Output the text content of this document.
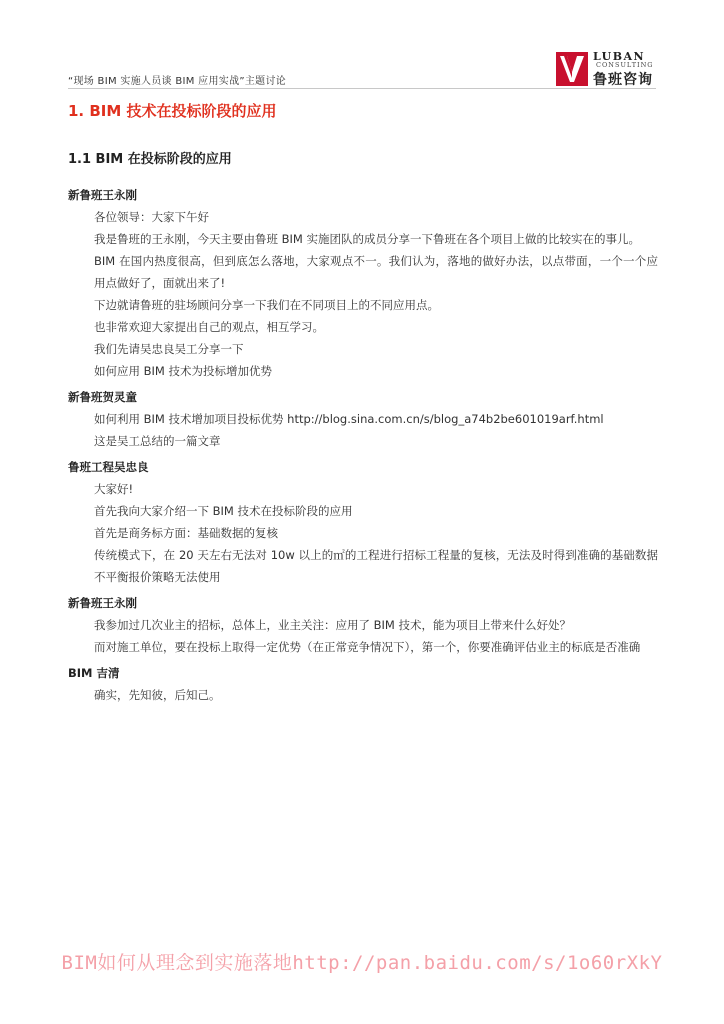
“现场 BIM 实施人员谈 BIM 应用实战”主题讨论
LUBAN
CONSULTING
鲁班咨询
1. BIM 技术在投标阶段的应用
1.1 BIM 在投标阶段的应用
新鲁班王永刚

各位领导：大家下午好

我是鲁班的王永刚，今天主要由鲁班 BIM 实施团队的成员分享一下鲁班在各个项目上做的比较实在的事儿。

BIM 在国内热度很高，但到底怎么落地，大家观点不一。我们认为，落地的做好办法，以点带面，一个一个应用点做好了，面就出来了!

下边就请鲁班的驻场顾问分享一下我们在不同项目上的不同应用点。

也非常欢迎大家提出自己的观点，相互学习。

我们先请吴忠良吴工分享一下

如何应用 BIM 技术为投标增加优势

新鲁班贺灵童

如何利用 BIM 技术增加项目投标优势 http://blog.sina.com.cn/s/blog_a74b2be601019arf.html

这是吴工总结的一篇文章

鲁班工程吴忠良

大家好!

首先我向大家介绍一下 BIM 技术在投标阶段的应用

首先是商务标方面：基础数据的复核

传统模式下，在 20 天左右无法对 10w 以上的㎡的工程进行招标工程量的复核，无法及时得到准确的基础数据不平衡报价策略无法使用

新鲁班王永刚

我参加过几次业主的招标，总体上，业主关注：应用了 BIM 技术，能为项目上带来什么好处？

而对施工单位，要在投标上取得一定优势（在正常竞争情况下），第一个，你要准确评估业主的标底是否准确

BIM 吉清

确实，先知彼，后知己。

BIM如何从理念到实施落地http://pan.baidu.com/s/1o60rXkY
